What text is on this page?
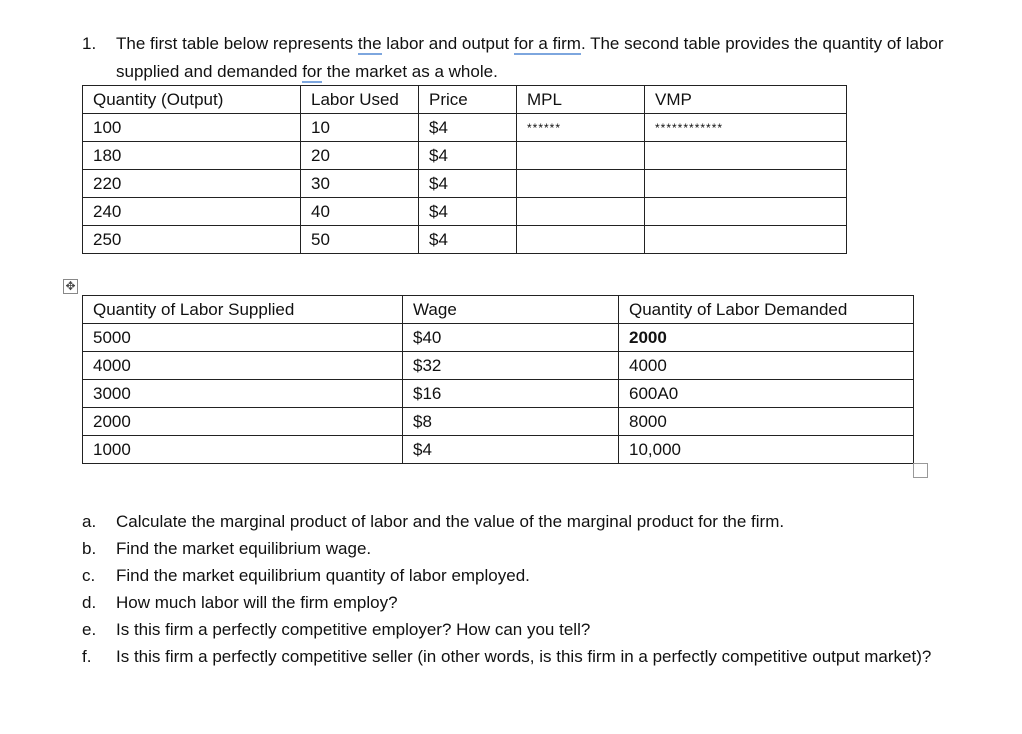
1. The first table below represents the labor and output for a firm. The second table provides the quantity of labor supplied and demanded for the market as a whole.
Quantity (Output)	Labor Used	Price	MPL	VMP
100	10	$4	******	************
180	20	$4		
220	30	$4		
240	40	$4		
250	50	$4		
✥
Quantity of Labor Supplied	Wage	Quantity of Labor Demanded
5000	$40	2000
4000	$32	4000
3000	$16	600A0
2000	$8	8000
1000	$4	10,000
a.	Calculate the marginal product of labor and the value of the marginal product for the firm.
b.	Find the market equilibrium wage.
c.	Find the market equilibrium quantity of labor employed.
d.	How much labor will the firm employ?
e.	Is this firm a perfectly competitive employer? How can you tell?
f.	Is this firm a perfectly competitive seller (in other words, is this firm in a perfectly competitive output market)?
